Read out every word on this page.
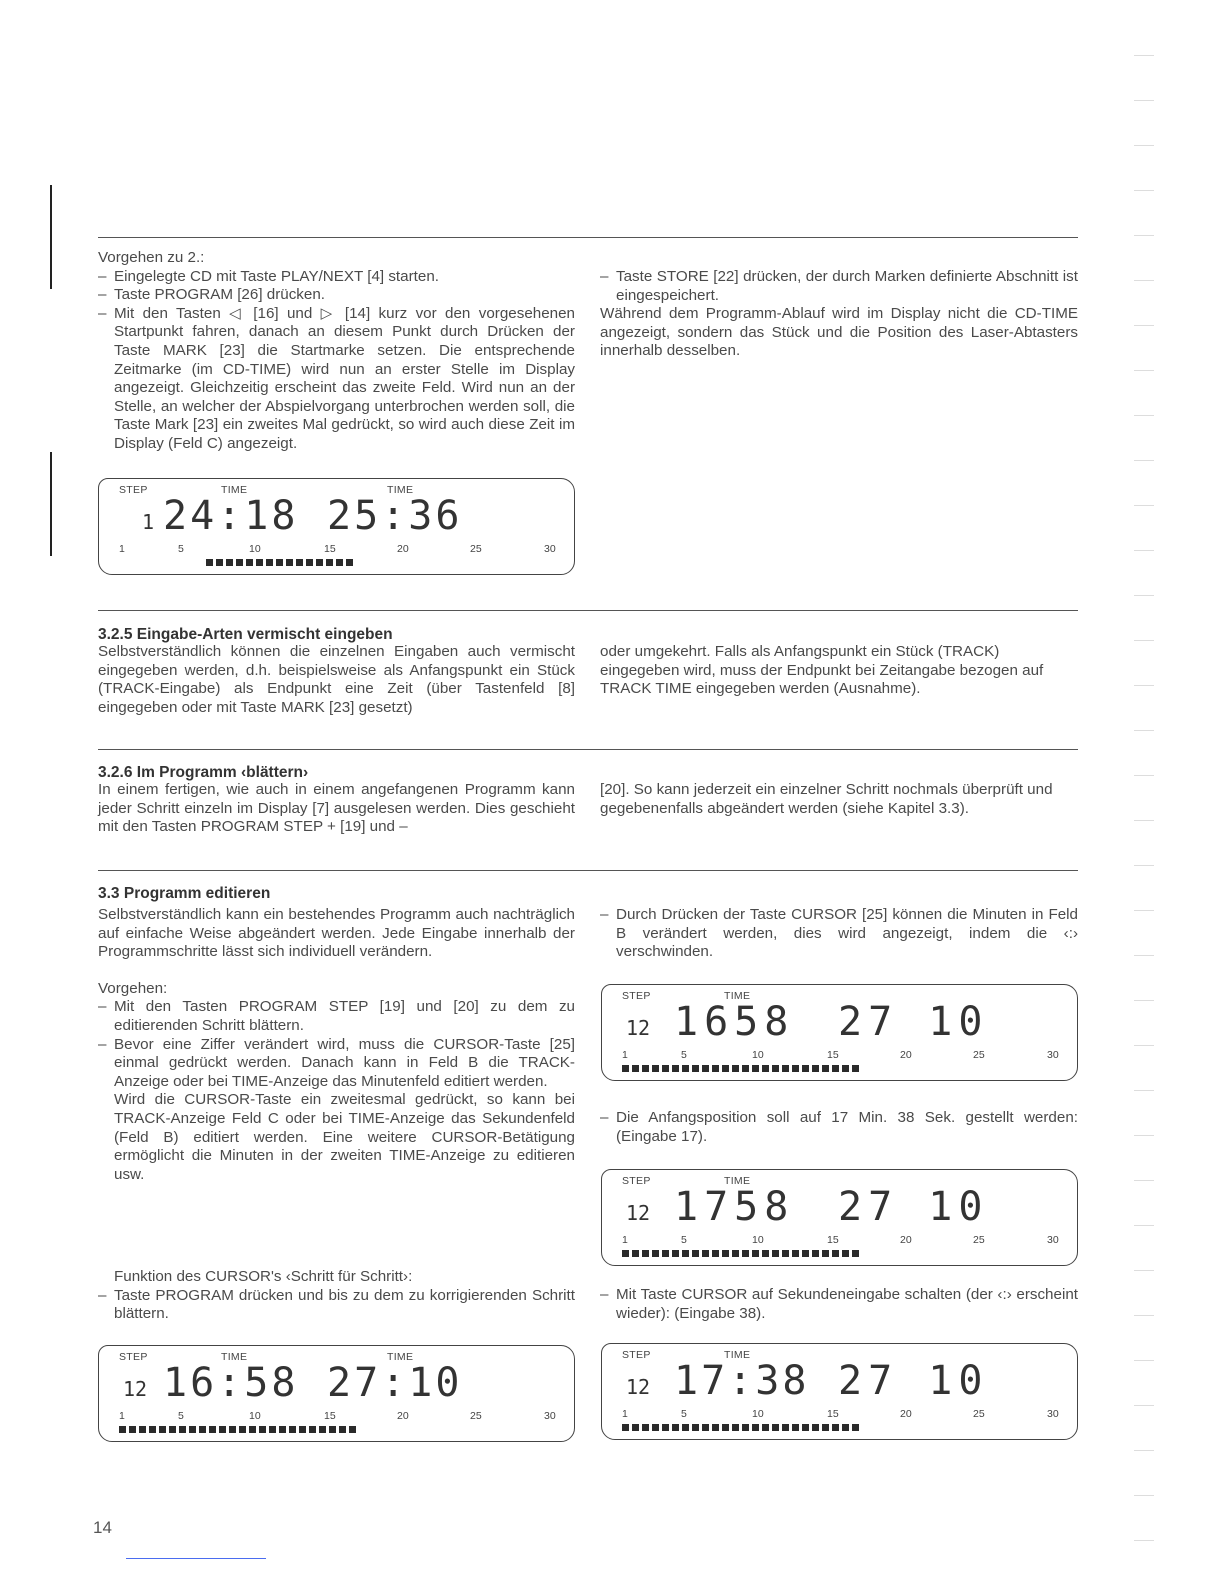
Vorgehen zu 2.:

– Eingelegte CD mit Taste PLAY/NEXT [4] starten.
– Taste PROGRAM [26] drücken.
– Mit den Tasten ◁ [16] und ▷ [14] kurz vor den vorgesehenen Startpunkt fahren, danach an diesem Punkt durch Drücken der Taste MARK [23] die Startmarke setzen. Die entsprechende Zeitmarke (im CD-TIME) wird nun an erster Stelle im Display angezeigt. Gleichzeitig erscheint das zweite Feld. Wird nun an der Stelle, an welcher der Abspielvorgang unterbrochen werden soll, die Taste Mark [23] ein zweites Mal gedrückt, so wird auch diese Zeit im Display (Feld C) angezeigt.
– Taste STORE [22] drücken, der durch Marken definierte Abschnitt ist eingespeichert.

Während dem Programm-Ablauf wird im Display nicht die CD-TIME angezeigt, sondern das Stück und die Position des Laser-Abtasters innerhalb desselben.

STEP	TIME	TIME
1 24:18 25:36
1	5	10	15	20	25	30
3.2.5 Eingabe-Arten vermischt eingeben
Selbstverständlich können die einzelnen Eingaben auch vermischt eingegeben werden, d.h. beispielsweise als Anfangspunkt ein Stück (TRACK-Eingabe) als Endpunkt eine Zeit (über Tastenfeld [8] eingegeben oder mit Taste MARK [23] gesetzt)
oder umgekehrt. Falls als Anfangspunkt ein Stück (TRACK) eingegeben wird, muss der Endpunkt bei Zeitangabe bezogen auf TRACK TIME eingegeben werden (Ausnahme).
3.2.6 Im Programm ‹blättern›
In einem fertigen, wie auch in einem angefangenen Programm kann jeder Schritt einzeln im Display [7] ausgelesen werden. Dies geschieht mit den Tasten PROGRAM STEP + [19] und –
[20]. So kann jederzeit ein einzelner Schritt nochmals überprüft und gegebenenfalls abgeändert werden (siehe Kapitel 3.3).
3.3 Programm editieren

Selbstverständlich kann ein bestehendes Programm auch nachträglich auf einfache Weise abgeändert werden. Jede Eingabe innerhalb der Programmschritte lässt sich individuell verändern.

Vorgehen:

– Mit den Tasten PROGRAM STEP [19] und [20] zu dem zu editierenden Schritt blättern.
– Bevor eine Ziffer verändert wird, muss die CURSOR-Taste [25] einmal gedrückt werden. Danach kann in Feld B die TRACK-Anzeige oder bei TIME-Anzeige das Minutenfeld editiert werden.

Wird die CURSOR-Taste ein zweitesmal gedrückt, so kann bei TRACK-Anzeige Feld C oder bei TIME-Anzeige das Sekundenfeld (Feld B) editiert werden. Eine weitere CURSOR-Betätigung ermöglicht die Minuten in der zweiten TIME-Anzeige zu editieren usw.

Funktion des CURSOR's ‹Schritt für Schritt›:

– Taste PROGRAM drücken und bis zu dem zu korrigierenden Schritt blättern.
STEP	TIME	TIME
12 16:58 27:10
1	5	10	15	20	25	30
– Durch Drücken der Taste CURSOR [25] können die Minuten in Feld B verändert werden, dies wird angezeigt, indem die ‹:› verschwinden.
STEP	TIME
12 1658 27 10
1	5	10	15	20	25	30
– Die Anfangsposition soll auf 17 Min. 38 Sek. gestellt werden: (Eingabe 17).
STEP	TIME
12 1758 27 10
1	5	10	15	20	25	30
– Mit Taste CURSOR auf Sekundeneingabe schalten (der ‹:› erscheint wieder): (Eingabe 38).
STEP	TIME
12 17:38 27 10
1	5	10	15	20	25	30
14
